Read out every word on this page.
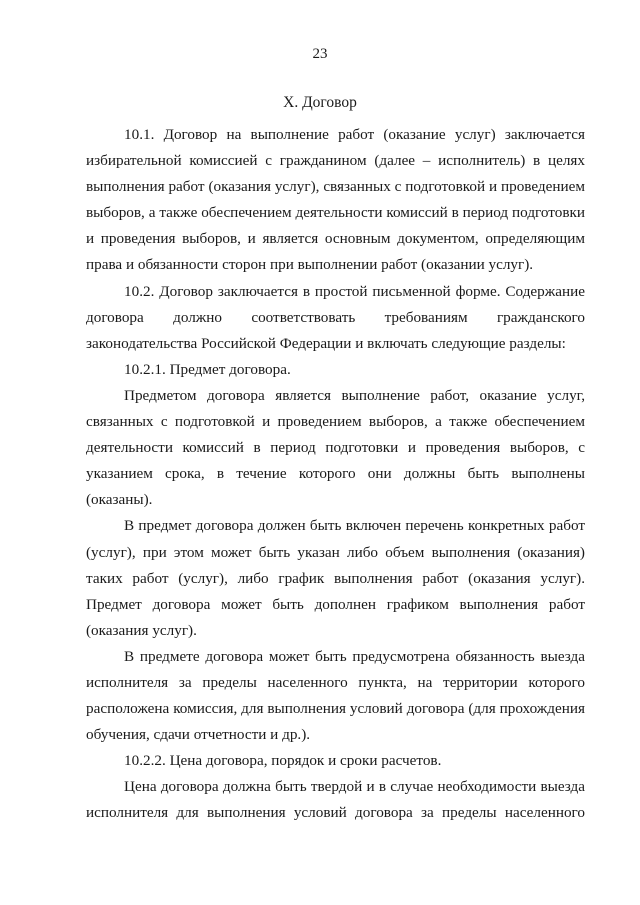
23
X. Договор

10.1. Договор на выполнение работ (оказание услуг) заключается избирательной комиссией с гражданином (далее – исполнитель) в целях выполнения работ (оказания услуг), связанных с подготовкой и проведением выборов, а также обеспечением деятельности комиссий в период подготовки и проведения выборов, и является основным документом, определяющим права и обязанности сторон при выполнении работ (оказании услуг).

10.2. Договор заключается в простой письменной форме. Содержание договора должно соответствовать требованиям гражданского законодательства Российской Федерации и включать следующие разделы:

10.2.1. Предмет договора.

Предметом договора является выполнение работ, оказание услуг, связанных с подготовкой и проведением выборов, а также обеспечением деятельности комиссий в период подготовки и проведения выборов, с указанием срока, в течение которого они должны быть выполнены (оказаны).

В предмет договора должен быть включен перечень конкретных работ (услуг), при этом может быть указан либо объем выполнения (оказания) таких работ (услуг), либо график выполнения работ (оказания услуг). Предмет договора может быть дополнен графиком выполнения работ (оказания услуг).

В предмете договора может быть предусмотрена обязанность выезда исполнителя за пределы населенного пункта, на территории которого расположена комиссия, для выполнения условий договора (для прохождения обучения, сдачи отчетности и др.).

10.2.2. Цена договора, порядок и сроки расчетов.

Цена договора должна быть твердой и в случае необходимости выезда исполнителя для выполнения условий договора за пределы населенного
